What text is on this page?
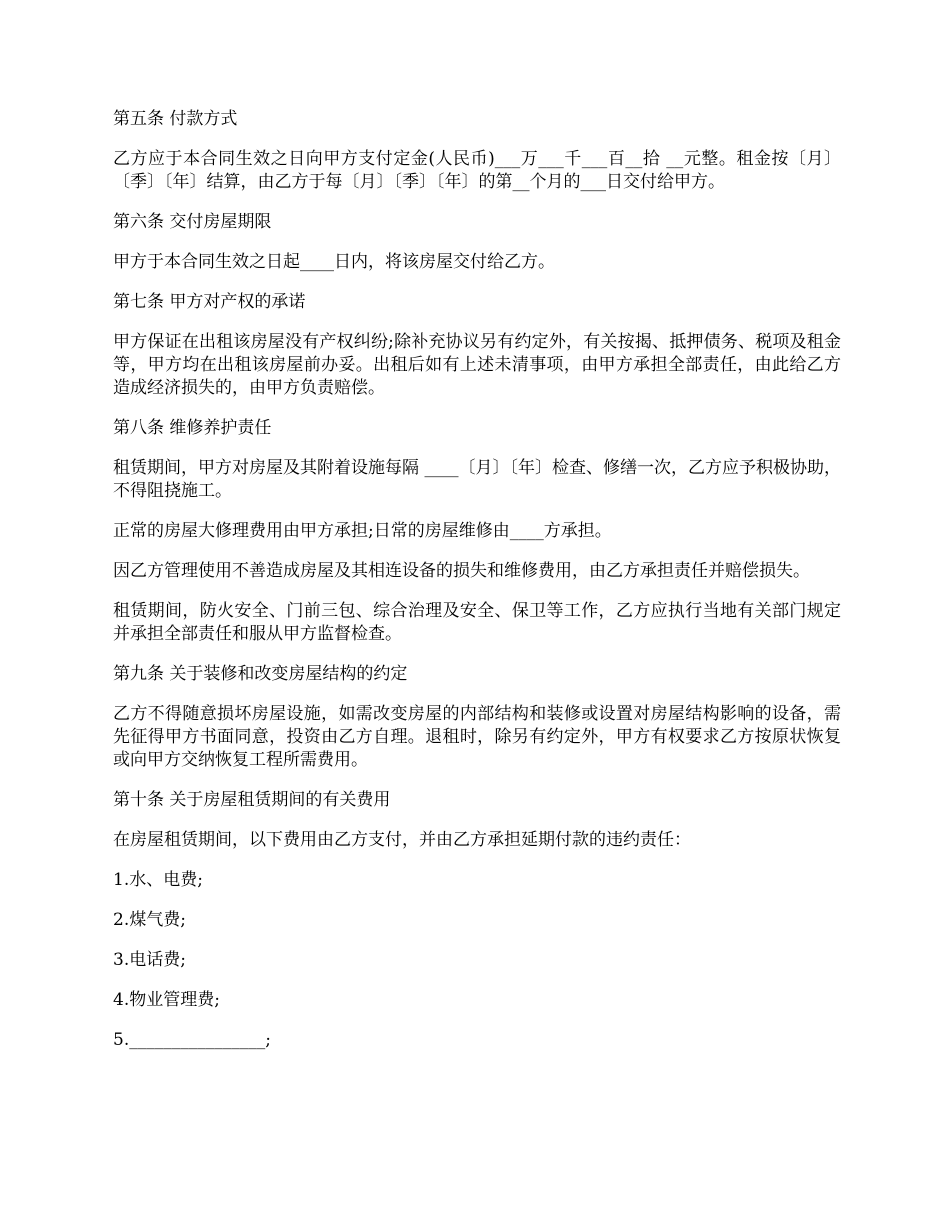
第五条 付款方式

乙方应于本合同生效之日向甲方支付定金(人民币)___万___千___百__拾 __元整。租金按〔月〕〔季〕〔年〕结算，由乙方于每〔月〕〔季〕〔年〕的第__个月的___日交付给甲方。

第六条 交付房屋期限

甲方于本合同生效之日起____日内，将该房屋交付给乙方。

第七条 甲方对产权的承诺

甲方保证在出租该房屋没有产权纠纷;除补充协议另有约定外，有关按揭、抵押债务、税项及租金等，甲方均在出租该房屋前办妥。出租后如有上述未清事项，由甲方承担全部责任，由此给乙方造成经济损失的，由甲方负责赔偿。

第八条 维修养护责任

租赁期间，甲方对房屋及其附着设施每隔 ____〔月〕〔年〕检查、修缮一次，乙方应予积极协助，不得阻挠施工。

正常的房屋大修理费用由甲方承担;日常的房屋维修由____方承担。

因乙方管理使用不善造成房屋及其相连设备的损失和维修费用，由乙方承担责任并赔偿损失。

租赁期间，防火安全、门前三包、综合治理及安全、保卫等工作，乙方应执行当地有关部门规定并承担全部责任和服从甲方监督检查。

第九条 关于装修和改变房屋结构的约定

乙方不得随意损坏房屋设施，如需改变房屋的内部结构和装修或设置对房屋结构影响的设备，需先征得甲方书面同意，投资由乙方自理。退租时，除另有约定外，甲方有权要求乙方按原状恢复或向甲方交纳恢复工程所需费用。

第十条 关于房屋租赁期间的有关费用

在房屋租赁期间，以下费用由乙方支付，并由乙方承担延期付款的违约责任：

1.水、电费;

2.煤气费;

3.电话费;

4.物业管理费;

5.________________;
